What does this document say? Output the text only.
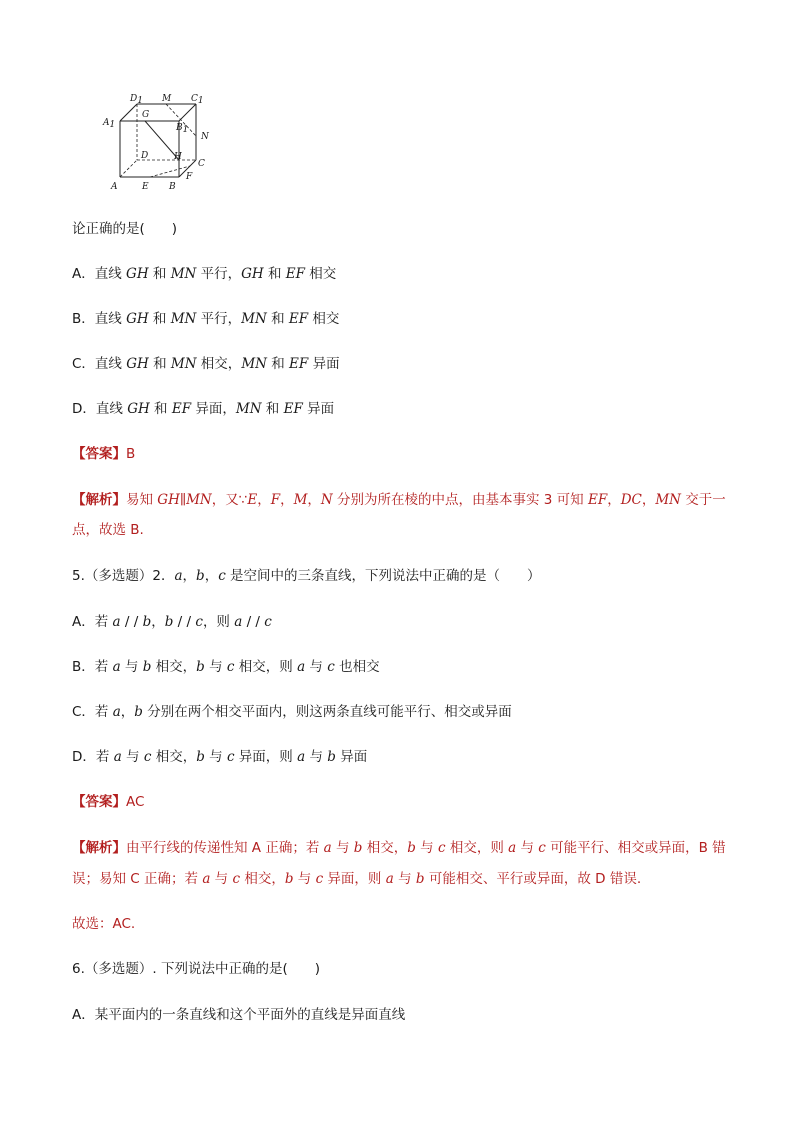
D1 M C1
A1
G
B1
N
D	H
C
F
A	E B
论正确的是(　　)
A．直线 GH 和 MN 平行，GH 和 EF 相交
B．直线 GH 和 MN 平行，MN 和 EF 相交
C．直线 GH 和 MN 相交，MN 和 EF 异面
D．直线 GH 和 EF 异面，MN 和 EF 异面
【答案】B
【解析】易知 GH∥MN，又∵E，F，M，N 分别为所在棱的中点，由基本事实 3 可知 EF，DC，MN 交于一
点，故选 B.
5.（多选题）2．a，b，c 是空间中的三条直线，下列说法中正确的是（　　）
A．若 a / / b，b / / c，则 a / / c
B．若 a 与 b 相交，b 与 c 相交，则 a 与 c 也相交
C．若 a，b 分别在两个相交平面内，则这两条直线可能平行、相交或异面
D．若 a 与 c 相交，b 与 c 异面，则 a 与 b 异面
【答案】AC
【解析】由平行线的传递性知 A 正确；若 a 与 b 相交，b 与 c 相交，则 a 与 c 可能平行、相交或异面，B 错
误；易知 C 正确；若 a 与 c 相交，b 与 c 异面，则 a 与 b 可能相交、平行或异面，故 D 错误.
故选：AC.
6.（多选题）. 下列说法中正确的是(　　)
A．某平面内的一条直线和这个平面外的直线是异面直线
